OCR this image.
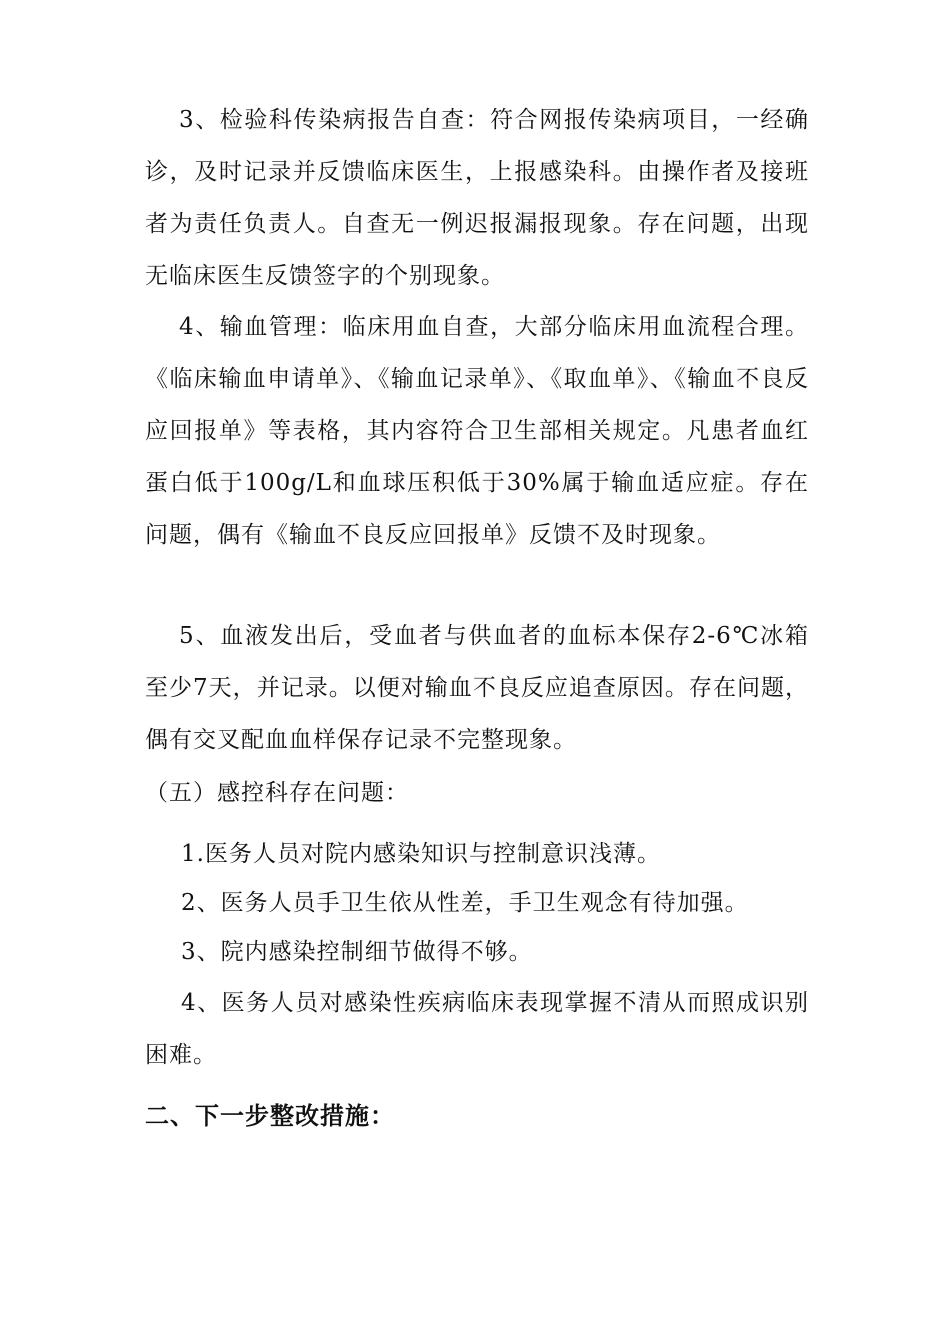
3、检验科传染病报告自查：符合网报传染病项目，一经确诊，及时记录并反馈临床医生，上报感染科。由操作者及接班者为责任负责人。自查无一例迟报漏报现象。存在问题，出现无临床医生反馈签字的个别现象。

4、输血管理：临床用血自查，大部分临床用血流程合理。《临床输血申请单》、《输血记录单》、《取血单》、《输血不良反应回报单》等表格，其内容符合卫生部相关规定。凡患者血红蛋白低于100g/L和血球压积低于30%属于输血适应症。存在问题，偶有《输血不良反应回报单》反馈不及时现象。

5、血液发出后，受血者与供血者的血标本保存2-6℃冰箱至少7天，并记录。以便对输血不良反应追查原因。存在问题，偶有交叉配血血样保存记录不完整现象。

（五）感控科存在问题：

1.医务人员对院内感染知识与控制意识浅薄。

2、医务人员手卫生依从性差，手卫生观念有待加强。

3、院内感染控制细节做得不够。

4、医务人员对感染性疾病临床表现掌握不清从而照成识别困难。

二、下一步整改措施：
